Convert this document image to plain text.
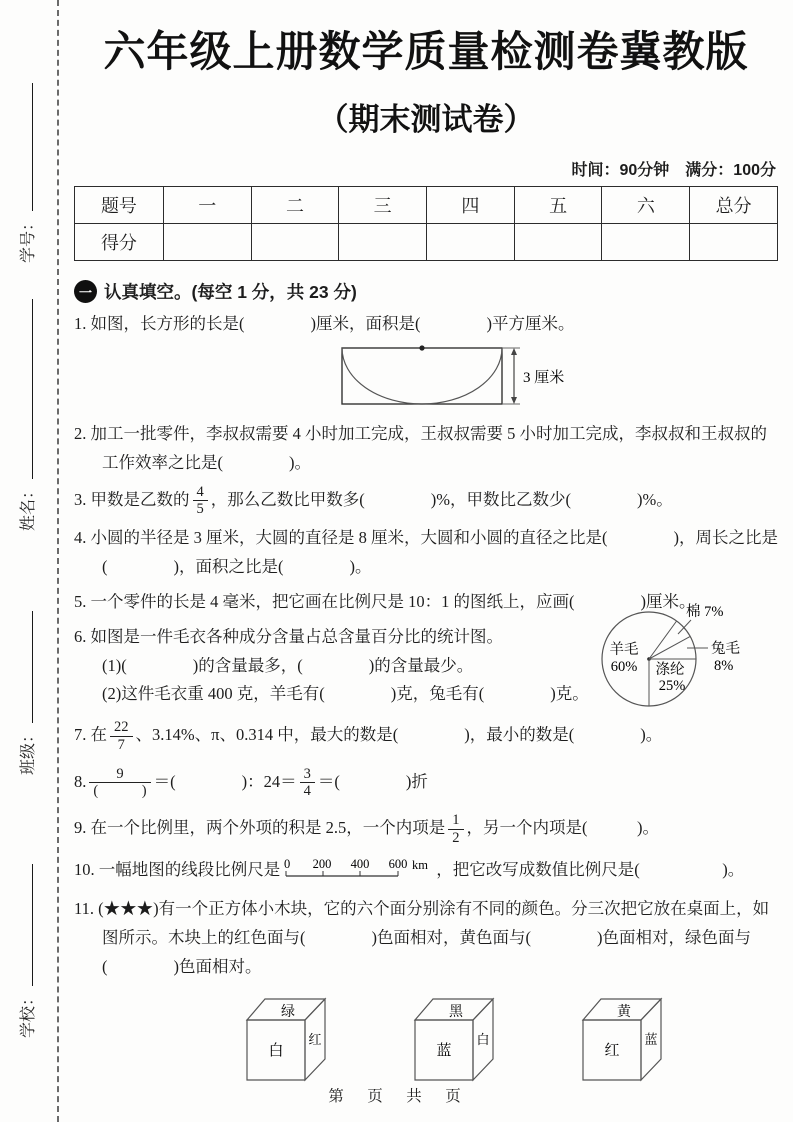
学号：
姓名：
班级：
学校：
六年级上册数学质量检测卷冀教版
（期末测试卷）
时间：90分钟　满分：100分
题号	一	二	三	四	五	六	总分
得分							
一 认真填空。(每空 1 分，共 23 分)

1. 如图，长方形的长是(　　　　)厘米，面积是(　　　　)平方厘米。

3 厘米

2. 加工一批零件，李叔叔需要 4 小时加工完成，王叔叔需要 5 小时加工完成，李叔叔和王叔叔的工作效率之比是(　　　　)。

3. 甲数是乙数的 $\frac{4}{5}$ ，那么乙数比甲数多(　　　　)%，甲数比乙数少(　　　　)%。

4. 小圆的半径是 3 厘米，大圆的直径是 8 厘米，大圆和小圆的直径之比是(　　　　)，周长之比是(　　　　)，面积之比是(　　　　)。

5. 一个零件的长是 4 毫米，把它画在比例尺是 10：1 的图纸上，应画(　　　　)厘米。

6. 如图是一件毛衣各种成分含量占总含量百分比的统计图。

(1)(　　　　)的含量最多，(　　　　)的含量最少。

(2)这件毛衣重 400 克，羊毛有(　　　　)克，兔毛有(　　　　)克。

7. 在 $\frac{22}{7}$ 、3.14%、π、0.314 中，最大的数是(　　　　)，最小的数是(　　　　)。

8. $\frac{9}{( )}$ ＝(　　　　)：$24= \frac{3}{4}$ ＝(　　　　)折

9. 在一个比例里，两个外项的积是 2.5，一个内项是 $\frac{1}{2}$ ，另一个内项是(　　　)。

10. 一幅地图的线段比例尺是 0 200 400 600 km ，把它改写成数值比例尺是(　　　　　)。

11. (★★★)有一个正方体小木块，它的六个面分别涂有不同的颜色。分三次把它放在桌面上，如图所示。木块上的红色面与(　　　　)色面相对，黄色面与(　　　　)色面相对，绿色面与(　　　　)色面相对。

绿
白
红
黑
蓝
白
黄
红
蓝
羊毛
60% 涤纶
25%
棉 7%
兔毛
8%
第　页　共　页
